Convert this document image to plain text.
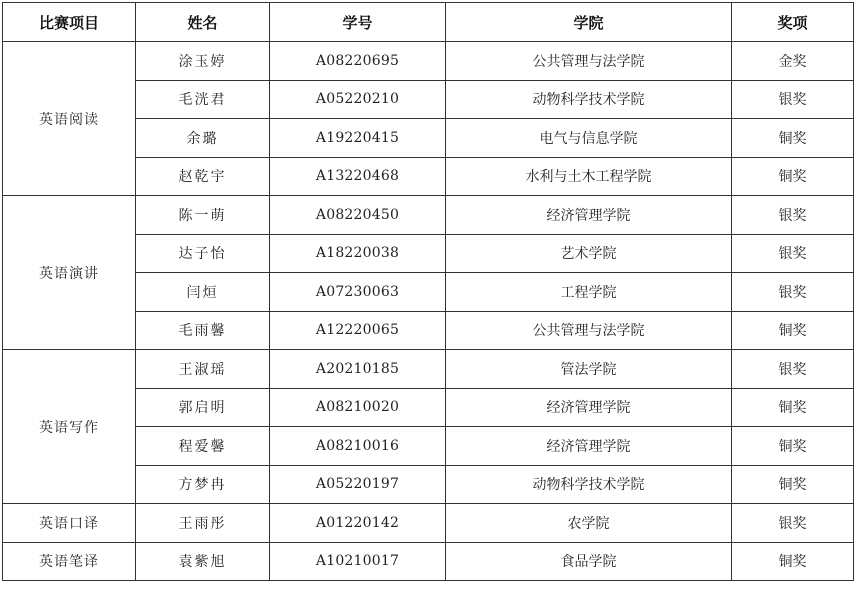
比赛项目	姓名	学号	学院	奖项
英语阅读	涂玉婷	A08220695	公共管理与法学院	金奖
	毛洸君	A05220210	动物科学技术学院	银奖
	余璐	A19220415	电气与信息学院	铜奖
	赵乾宇	A13220468	水利与土木工程学院	铜奖
英语演讲	陈一萌	A08220450	经济管理学院	银奖
	达子怡	A18220038	艺术学院	银奖
	闫烜	A07230063	工程学院	银奖
	毛雨馨	A12220065	公共管理与法学院	铜奖
英语写作	王淑瑶	A20210185	管法学院	银奖
	郭启明	A08210020	经济管理学院	铜奖
	程爱馨	A08210016	经济管理学院	铜奖
	方梦冉	A05220197	动物科学技术学院	铜奖
英语口译	王雨彤	A01220142	农学院	银奖
英语笔译	袁紫旭	A10210017	食品学院	铜奖
